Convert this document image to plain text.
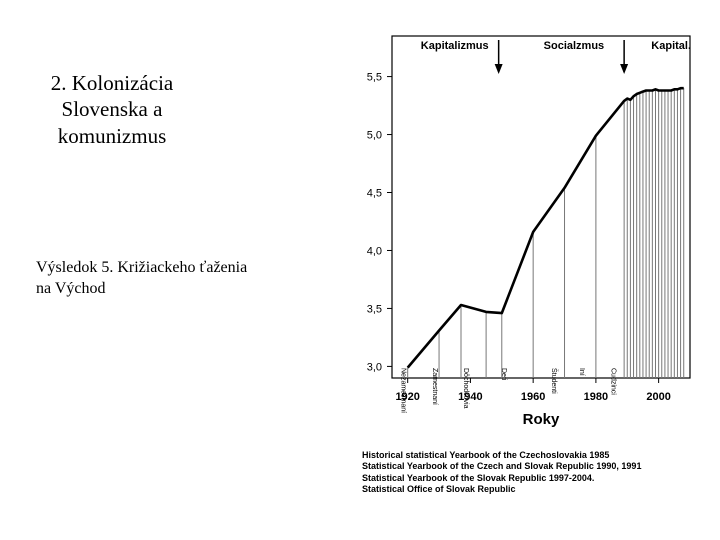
2. Kolonizácia
Slovenska a
komunizmus
Výsledok 5. Križiackeho ťaženia
na Východ
3,0
3,5
4,0
4,5
5,0
5,5
1920	1940	1960	1980	2000
Roky
Kapitalizmus	Socialzmus	Kapital.
Nezamestnaní	Zamestnaní	Dôchodcovia	Deti	Študenti	Iní	Cudzinci
Historical statistical Yearbook of the Czechoslovakia 1985
Statistical Yearbook of the Czech and Slovak Republic 1990, 1991
Statistical Yearbook of the Slovak Republic 1997-2004.
Statistical Office of Slovak Republic
